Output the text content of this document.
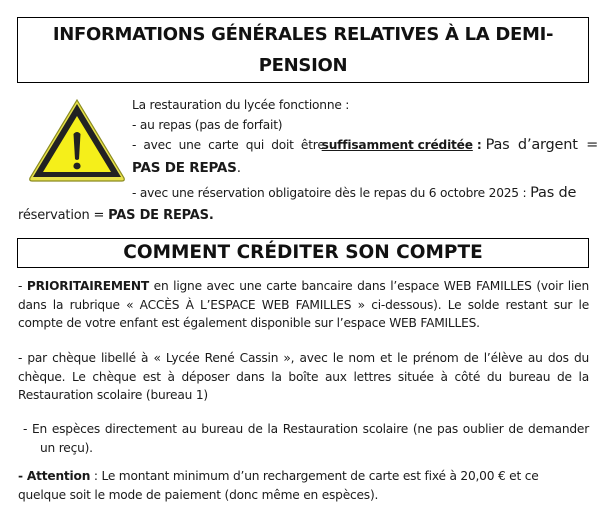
INFORMATIONS GÉNÉRALES RELATIVES À LA DEMI-
PENSION
La restauration du lycée fonctionne :
- au repas (pas de forfait)
- avec une carte qui doit être
suffisamment créditée : Pas d’argent =
PAS DE REPAS.
- avec une réservation obligatoire dès le repas du 6 octobre 2025 : Pas de
réservation = PAS DE REPAS.
COMMENT CRÉDITER SON COMPTE

- PRIORITAIREMENT en ligne avec une carte bancaire dans l’espace WEB FAMILLES (voir lien dans la rubrique « ACCÈS À L’ESPACE WEB FAMILLES » ci-dessous). Le solde restant sur le compte de votre enfant est également disponible sur l’espace WEB FAMILLES.

- par chèque libellé à « Lycée René Cassin », avec le nom et le prénom de l’élève au dos du chèque. Le chèque est à déposer dans la boîte aux lettres située à côté du bureau de la Restauration scolaire (bureau 1)

- En espèces directement au bureau de la Restauration scolaire (ne pas oublier de demander un reçu).

- Attention : Le montant minimum d’un rechargement de carte est fixé à 20,00 € et ce quelque soit le mode de paiement (donc même en espèces).
